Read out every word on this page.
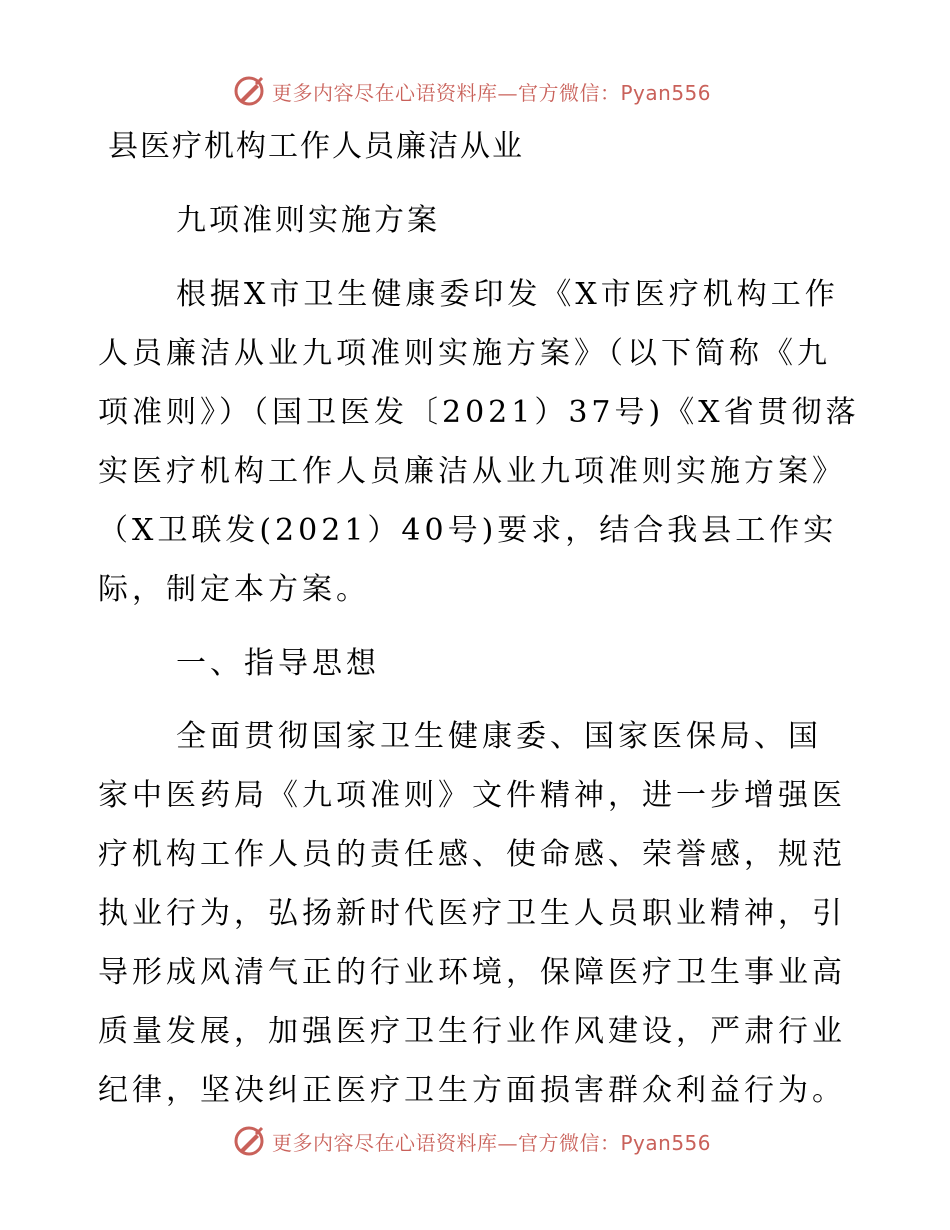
更多内容尽在心语资料库—官方微信：Pyan556
县医疗机构工作人员廉洁从业
九项准则实施方案
根据X市卫生健康委印发《X市医疗机构工作
人员廉洁从业九项准则实施方案》（以下简称《九
项准则》）（国卫医发〔2021）37号)《X省贯彻落
实医疗机构工作人员廉洁从业九项准则实施方案》
（X卫联发(2021）40号)要求，结合我县工作实
际，制定本方案。
一、指导思想
全面贯彻国家卫生健康委、国家医保局、国
家中医药局《九项准则》文件精神，进一步增强医
疗机构工作人员的责任感、使命感、荣誉感，规范
执业行为，弘扬新时代医疗卫生人员职业精神，引
导形成风清气正的行业环境，保障医疗卫生事业高
质量发展，加强医疗卫生行业作风建设，严肃行业
纪律，坚决纠正医疗卫生方面损害群众利益行为。
更多内容尽在心语资料库—官方微信：Pyan556
